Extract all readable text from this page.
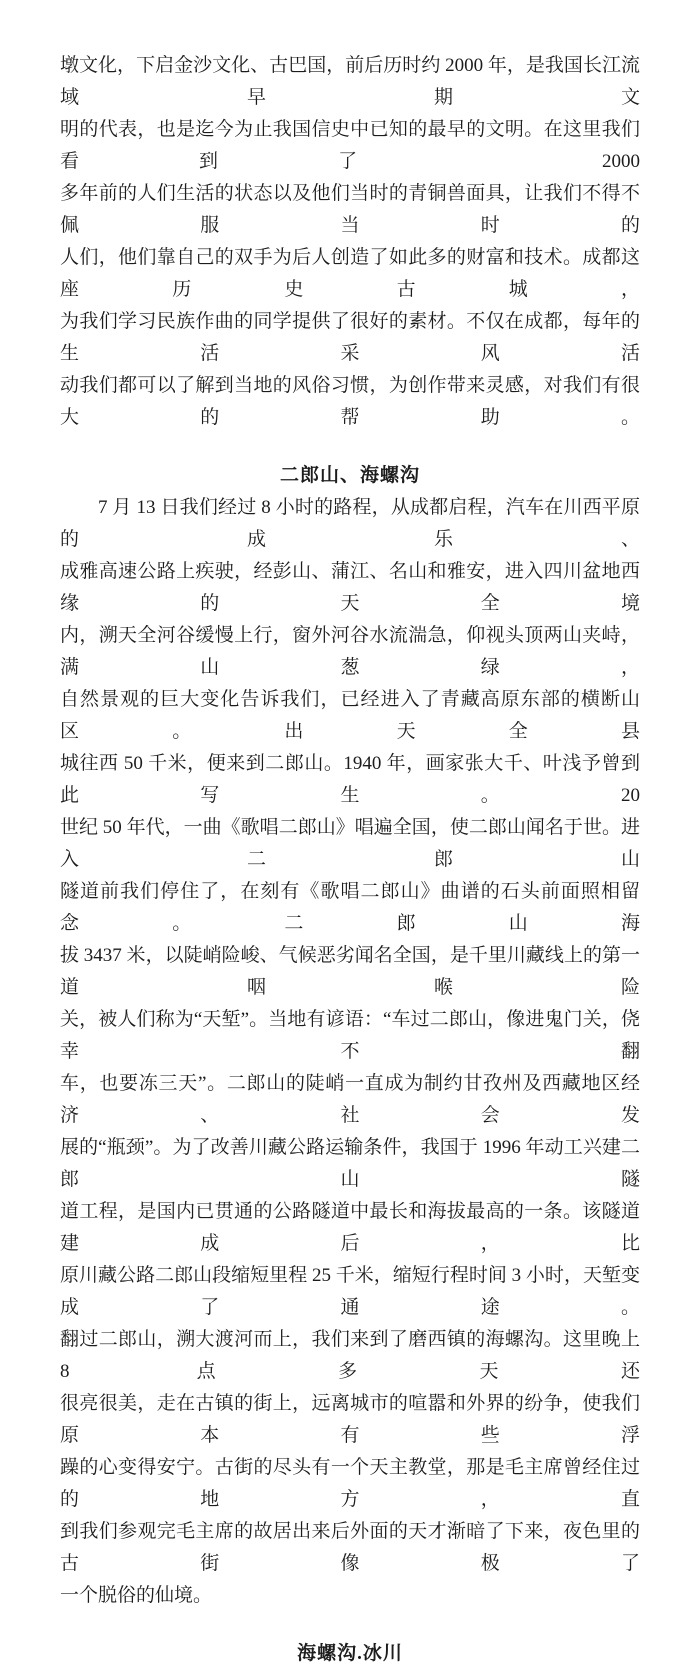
墩文化，下启金沙文化、古巴国，前后历时约 2000 年，是我国长江流域早期文
明的代表，也是迄今为止我国信史中已知的最早的文明。在这里我们看到了 2000
多年前的人们生活的状态以及他们当时的青铜兽面具，让我们不得不佩服当时的
人们，他们靠自己的双手为后人创造了如此多的财富和技术。成都这座历史古城，
为我们学习民族作曲的同学提供了很好的素材。不仅在成都，每年的生活采风活
动我们都可以了解到当地的风俗习惯，为创作带来灵感，对我们有很大的帮助。
二郎山、海螺沟
7 月 13 日我们经过 8 小时的路程，从成都启程，汽车在川西平原的成乐、
成雅高速公路上疾驶，经彭山、蒲江、名山和雅安，进入四川盆地西缘的天全境
内，溯天全河谷缓慢上行，窗外河谷水流湍急，仰视头顶两山夹峙，满山葱绿，
自然景观的巨大变化告诉我们，已经进入了青藏高原东部的横断山区。出天全县
城往西 50 千米，便来到二郎山。1940 年，画家张大千、叶浅予曾到此写生。20
世纪 50 年代，一曲《歌唱二郎山》唱遍全国，使二郎山闻名于世。进入二郎山
隧道前我们停住了，在刻有《歌唱二郎山》曲谱的石头前面照相留念。二郎山海
拔 3437 米，以陡峭险峻、气候恶劣闻名全国，是千里川藏线上的第一道咽喉险
关，被人们称为“天堑”。当地有谚语：“车过二郎山，像进鬼门关，侥幸不翻
车，也要冻三天”。二郎山的陡峭一直成为制约甘孜州及西藏地区经济、社会发
展的“瓶颈”。为了改善川藏公路运输条件，我国于 1996 年动工兴建二郎山隧
道工程，是国内已贯通的公路隧道中最长和海拔最高的一条。该隧道建成后，比
原川藏公路二郎山段缩短里程 25 千米，缩短行程时间 3 小时，天堑变成了通途。
翻过二郎山，溯大渡河而上，我们来到了磨西镇的海螺沟。这里晚上 8 点多天还
很亮很美，走在古镇的街上，远离城市的喧嚣和外界的纷争，使我们原本有些浮
躁的心变得安宁。古街的尽头有一个天主教堂，那是毛主席曾经住过的地方，直
到我们参观完毛主席的故居出来后外面的天才渐暗了下来，夜色里的古街像极了
一个脱俗的仙境。
海螺沟.冰川
